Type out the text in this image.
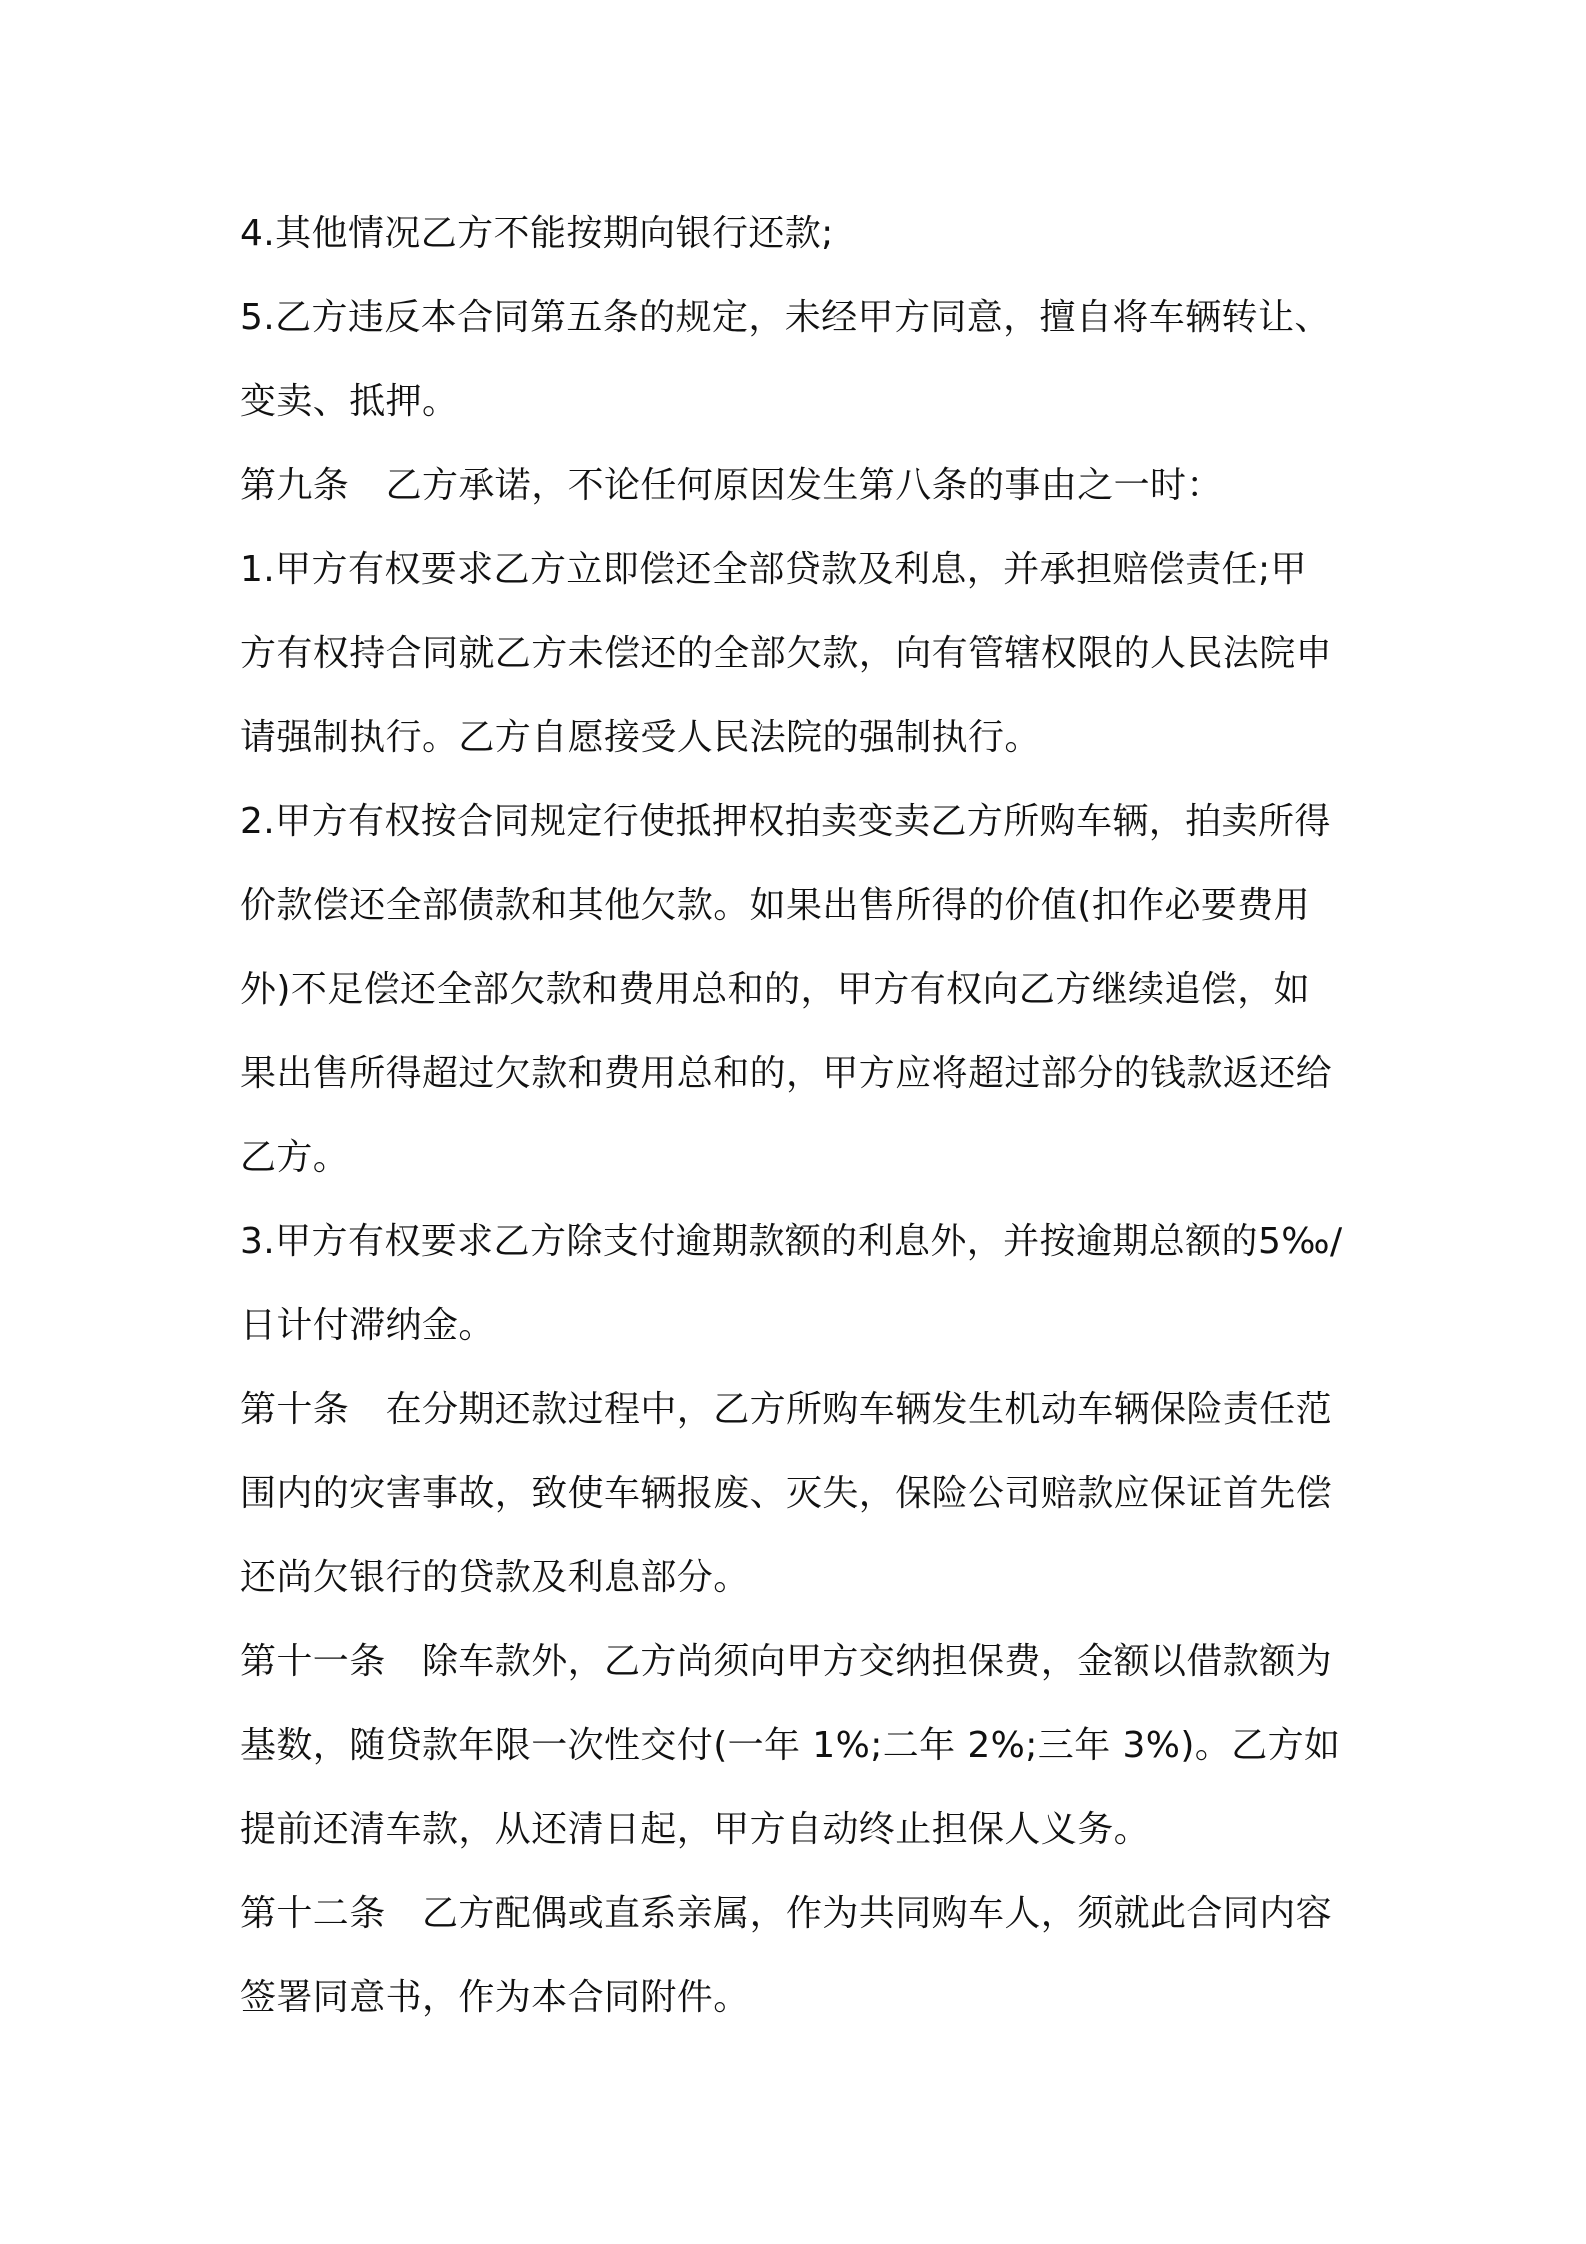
4.其他情况乙方不能按期向银行还款;
5.乙方违反本合同第五条的规定，未经甲方同意，擅自将车辆转让、
变卖、抵押。
第九条　乙方承诺，不论任何原因发生第八条的事由之一时：
1.甲方有权要求乙方立即偿还全部贷款及利息，并承担赔偿责任;甲
方有权持合同就乙方未偿还的全部欠款，向有管辖权限的人民法院申
请强制执行。乙方自愿接受人民法院的强制执行。
2.甲方有权按合同规定行使抵押权拍卖变卖乙方所购车辆，拍卖所得
价款偿还全部债款和其他欠款。如果出售所得的价值(扣作必要费用
外)不足偿还全部欠款和费用总和的，甲方有权向乙方继续追偿，如
果出售所得超过欠款和费用总和的，甲方应将超过部分的钱款返还给
乙方。
3.甲方有权要求乙方除支付逾期款额的利息外，并按逾期总额的5‰/
日计付滞纳金。
第十条　在分期还款过程中，乙方所购车辆发生机动车辆保险责任范
围内的灾害事故，致使车辆报废、灭失，保险公司赔款应保证首先偿
还尚欠银行的贷款及利息部分。
第十一条　除车款外，乙方尚须向甲方交纳担保费，金额以借款额为
基数，随贷款年限一次性交付(一年 1%;二年 2%;三年 3%)。乙方如
提前还清车款，从还清日起，甲方自动终止担保人义务。
第十二条　乙方配偶或直系亲属，作为共同购车人，须就此合同内容
签署同意书，作为本合同附件。
